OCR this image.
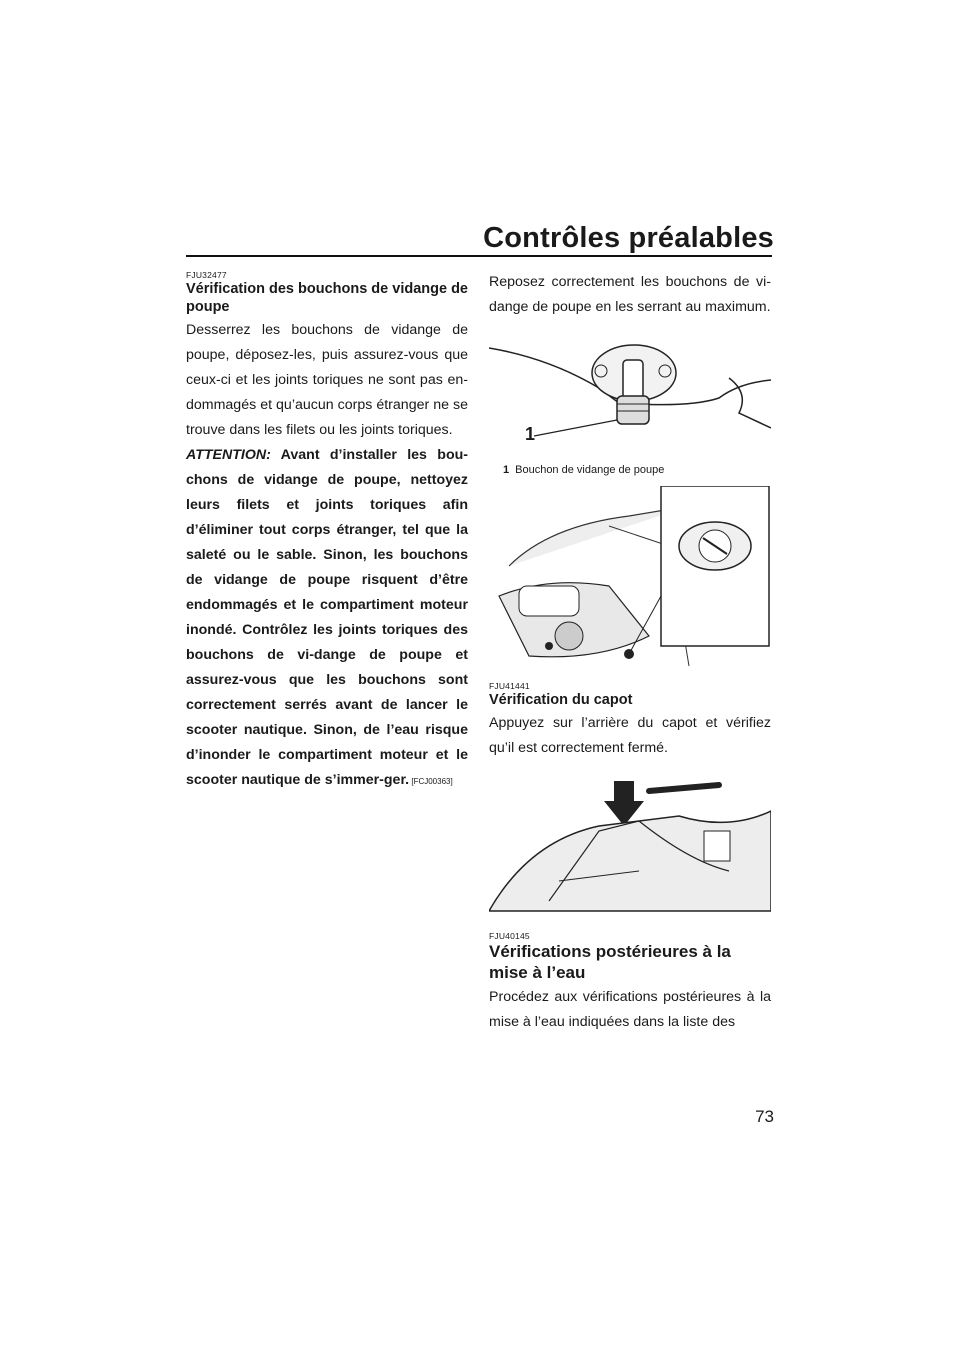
Contrôles préalables

FJU32477

Vérification des bouchons de vidange de poupe

Desserrez les bouchons de vidange de poupe, déposez-les, puis assurez-vous que ceux-ci et les joints toriques ne sont pas en-dommagés et qu’aucun corps étranger ne se trouve dans les filets ou les joints toriques.

ATTENTION: Avant d’installer les bou-chons de vidange de poupe, nettoyez leurs filets et joints toriques afin d’éliminer tout corps étranger, tel que la saleté ou le sable. Sinon, les bouchons de vidange de poupe risquent d’être endommagés et le compartiment moteur inondé. Contrôlez les joints toriques des bouchons de vi-dange de poupe et assurez-vous que les bouchons sont correctement serrés avant de lancer le scooter nautique. Sinon, de l’eau risque d’inonder le compartiment moteur et le scooter nautique de s’immer-ger. [FCJ00363]

Reposez correctement les bouchons de vi-dange de poupe en les serrant au maximum.

1

1 Bouchon de vidange de poupe

FJU41441

Vérification du capot

Appuyez sur l’arrière du capot et vérifiez qu’il est correctement fermé.

FJU40145

Vérifications postérieures à la mise à l’eau

Procédez aux vérifications postérieures à la mise à l’eau indiquées dans la liste des

73
